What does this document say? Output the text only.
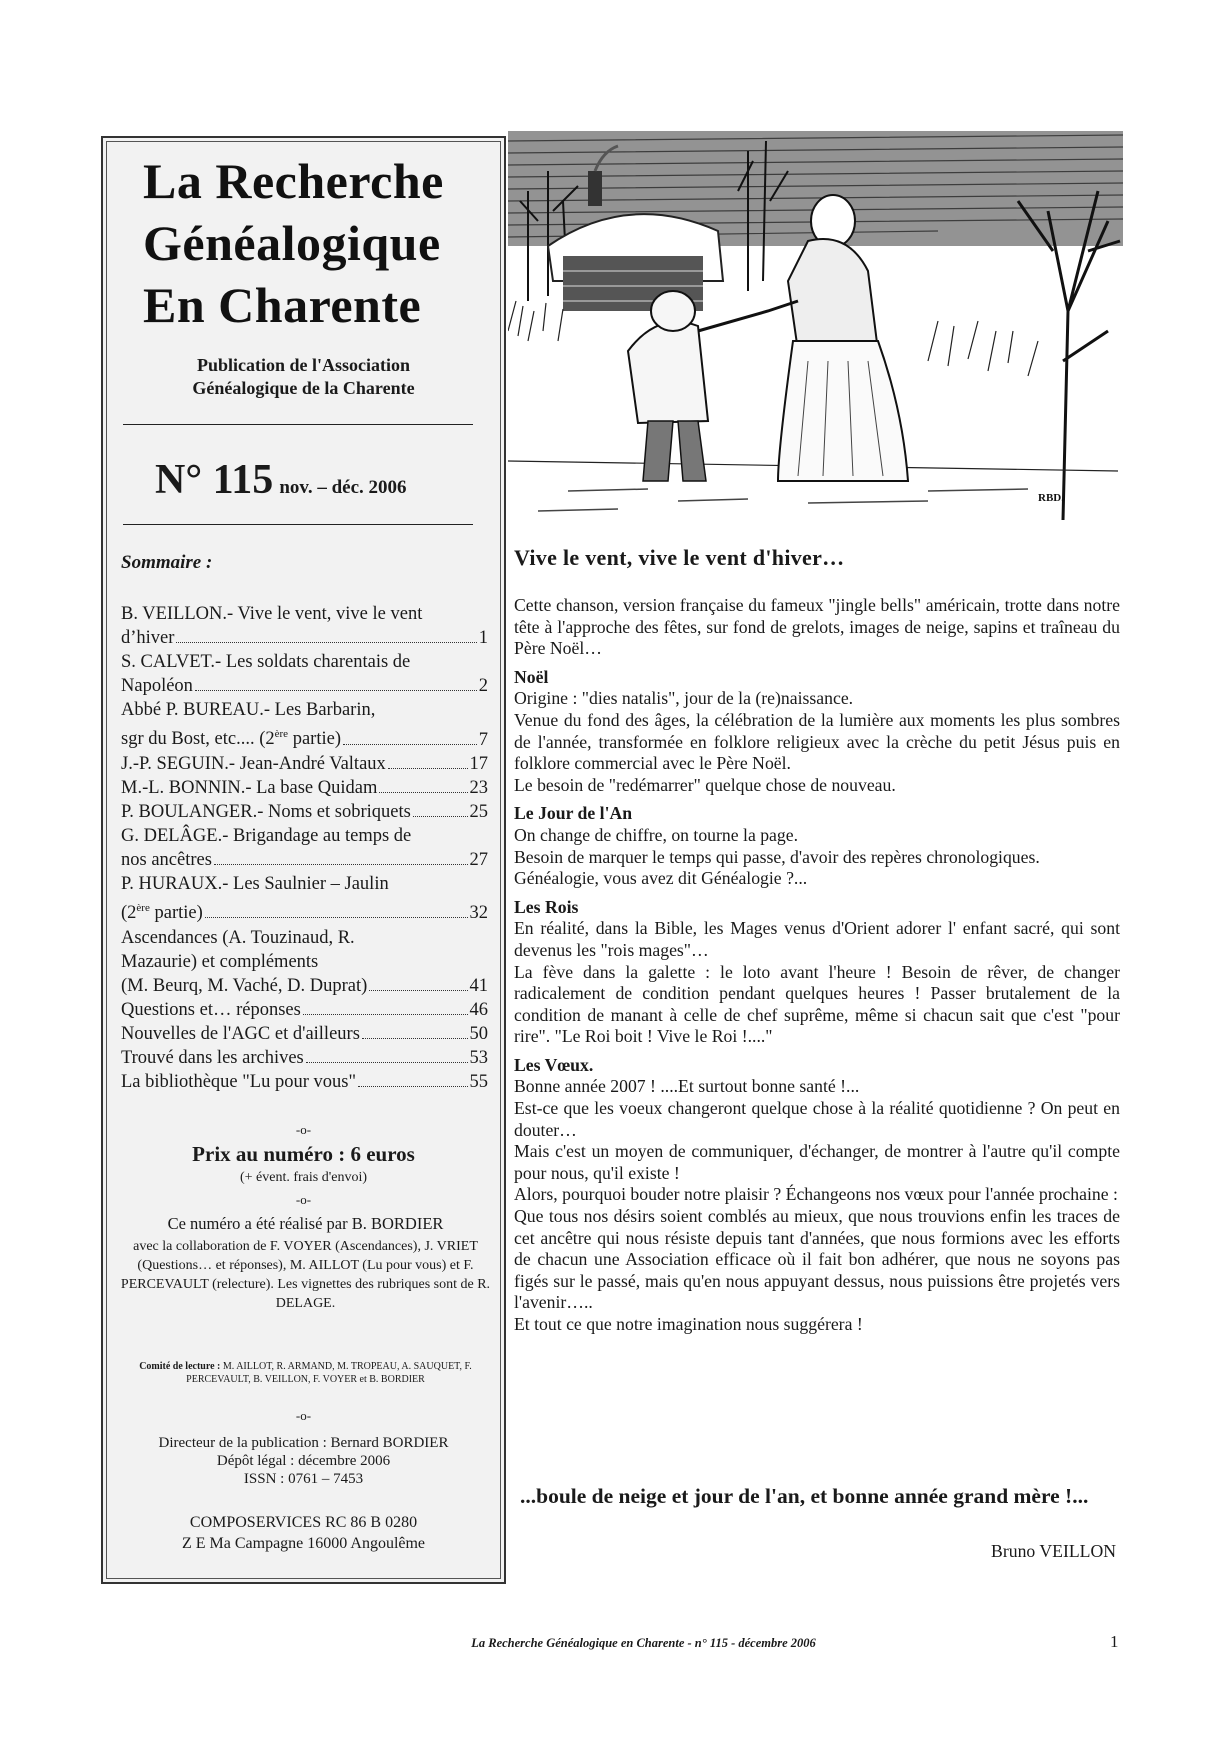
La Recherche
Généalogique
En Charente
Publication de l'Association
Généalogique de la Charente
N° 115 nov. – déc. 2006
Sommaire :
B. VEILLON.- Vive le vent, vive le vent
d’hiver	1
S. CALVET.- Les soldats charentais de
Napoléon	2
Abbé P. BUREAU.- Les Barbarin,
sgr du Bost, etc.... (2ère partie)	7
J.-P. SEGUIN.- Jean-André Valtaux	17
M.-L. BONNIN.- La base Quidam	23
P. BOULANGER.- Noms et sobriquets	25
G. DELÂGE.- Brigandage au temps de
nos ancêtres	27
P. HURAUX.- Les Saulnier – Jaulin
(2ère partie)	32
Ascendances (A. Touzinaud, R.
Mazaurie) et compléments
(M. Beurq, M. Vaché, D. Duprat)	41
Questions et… réponses	46
Nouvelles de l'AGC et d'ailleurs	50
Trouvé dans les archives	53
La bibliothèque "Lu pour vous"	55
-o-
Prix au numéro : 6 euros
(+ évent. frais d'envoi)
-o-
Ce numéro a été réalisé par B. BORDIER
avec la collaboration de F. VOYER (Ascendances), J. VRIET (Questions… et réponses), M. AILLOT (Lu pour vous) et F. PERCEVAULT (relecture). Les vignettes des rubriques sont de R. DELAGE.
Comité de lecture : M. AILLOT, R. ARMAND, M. TROPEAU, A. SAUQUET, F. PERCEVAULT, B. VEILLON, F. VOYER et B. BORDIER
-o-
Directeur de la publication : Bernard BORDIER
Dépôt légal : décembre 2006
ISSN : 0761 – 7453
COMPOSERVICES RC 86 B 0280
Z E Ma Campagne 16000 Angoulême
RBD.
Vive le vent, vive le vent d'hiver…

Cette chanson, version française du fameux "jingle bells" américain, trotte dans notre tête à l'approche des fêtes, sur fond de grelots, images de neige, sapins et traîneau du Père Noël…

Noël

Origine : "dies natalis", jour de la (re)naissance.

Venue du fond des âges, la célébration de la lumière aux moments les plus sombres de l'année, transformée en folklore religieux avec la crèche du petit Jésus puis en folklore commercial avec le Père Noël.

Le besoin de "redémarrer" quelque chose de nouveau.

Le Jour de l'An

On change de chiffre, on tourne la page.

Besoin de marquer le temps qui passe, d'avoir des repères chronologiques.

Généalogie, vous avez dit Généalogie ?...

Les Rois

En réalité, dans la Bible, les Mages venus d'Orient adorer l' enfant sacré, qui sont devenus les "rois mages"…

La fève dans la galette : le loto avant l'heure ! Besoin de rêver, de changer radicalement de condition pendant quelques heures ! Passer brutalement de la condition de manant à celle de chef suprême, même si chacun sait que c'est "pour rire". "Le Roi boit ! Vive le Roi !...."

Les Vœux.

Bonne année 2007 ! ....Et surtout bonne santé !...

Est-ce que les voeux changeront quelque chose à la réalité quotidienne ? On peut en douter…

Mais c'est un moyen de communiquer, d'échanger, de montrer à l'autre qu'il compte pour nous, qu'il existe !

Alors, pourquoi bouder notre plaisir ? Échangeons nos vœux pour l'année prochaine :

Que tous nos désirs soient comblés au mieux, que nous trouvions enfin les traces de cet ancêtre qui nous résiste depuis tant d'années, que nous formions avec les efforts de chacun une Association efficace où il fait bon adhérer, que nous ne soyons pas figés sur le passé, mais qu'en nous appuyant dessus, nous puissions être projetés vers l'avenir…..

Et tout ce que notre imagination nous suggérera !

...boule de neige et jour de l'an, et bonne année grand mère !...
Bruno VEILLON
La Recherche Généalogique en Charente - n° 115 - décembre 2006	1
